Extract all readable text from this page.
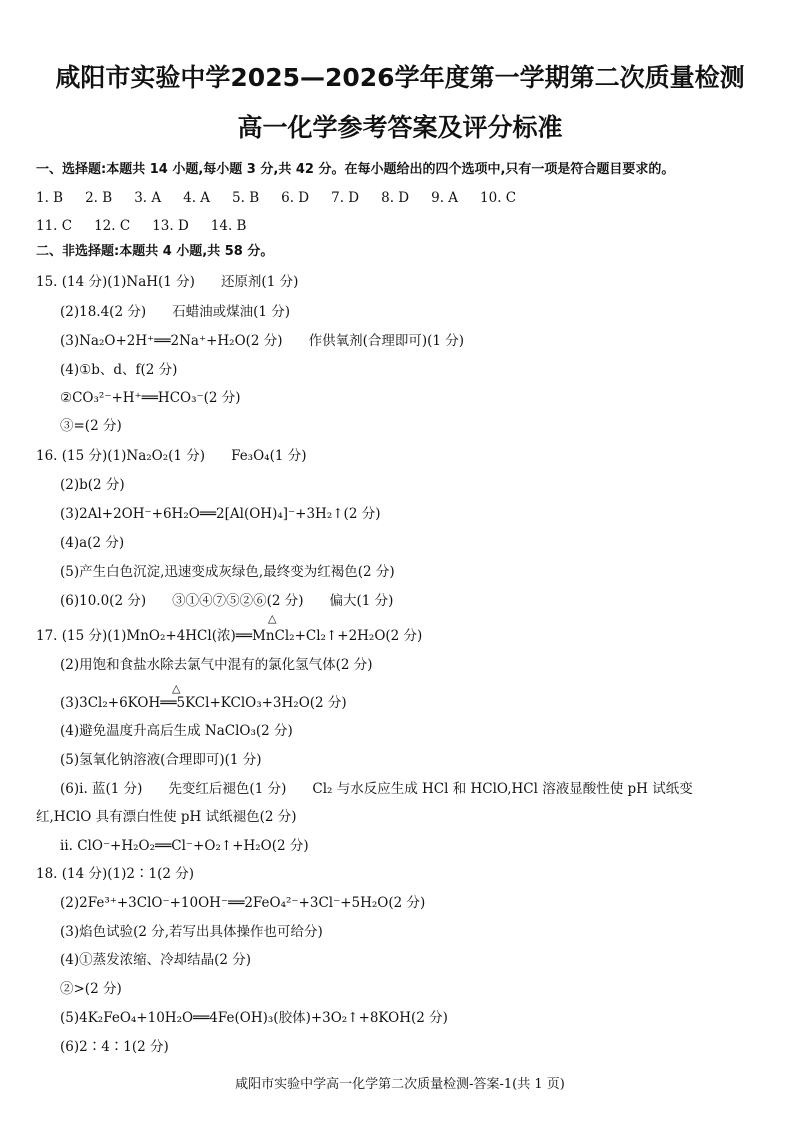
咸阳市实验中学2025—2026学年度第一学期第二次质量检测
高一化学参考答案及评分标准
一、选择题:本题共 14 小题,每小题 3 分,共 42 分。在每小题给出的四个选项中,只有一项是符合题目要求的。
1. B 2. B 3. A 4. A 5. B 6. D 7. D 8. D 9. A 10. C
11. C 12. C 13. D 14. B
二、非选择题:本题共 4 小题,共 58 分。
15. (14 分)(1)NaH(1 分) 还原剂(1 分)
(2)18.4(2 分) 石蜡油或煤油(1 分)
(3)Na₂O+2H⁺══2Na⁺+H₂O(2 分) 作供氧剂(合理即可)(1 分)
(4)①b、d、f(2 分)
②CO₃²⁻+H⁺══HCO₃⁻(2 分)
③=(2 分)
16. (15 分)(1)Na₂O₂(1 分) Fe₃O₄(1 分)
(2)b(2 分)
(3)2Al+2OH⁻+6H₂O══2[Al(OH)₄]⁻+3H₂↑(2 分)
(4)a(2 分)
(5)产生白色沉淀,迅速变成灰绿色,最终变为红褐色(2 分)
(6)10.0(2 分) ③①④⑦⑤②⑥(2 分) 偏大(1 分)
△
17. (15 分)(1)MnO₂+4HCl(浓)══MnCl₂+Cl₂↑+2H₂O(2 分)
(2)用饱和食盐水除去氯气中混有的氯化氢气体(2 分)
△
(3)3Cl₂+6KOH══5KCl+KClO₃+3H₂O(2 分)
(4)避免温度升高后生成 NaClO₃(2 分)
(5)氢氧化钠溶液(合理即可)(1 分)
(6)ⅰ. 蓝(1 分) 先变红后褪色(1 分) Cl₂ 与水反应生成 HCl 和 HClO,HCl 溶液显酸性使 pH 试纸变
红,HClO 具有漂白性使 pH 试纸褪色(2 分)
ⅱ. ClO⁻+H₂O₂══Cl⁻+O₂↑+H₂O(2 分)
18. (14 分)(1)2∶1(2 分)
(2)2Fe³⁺+3ClO⁻+10OH⁻══2FeO₄²⁻+3Cl⁻+5H₂O(2 分)
(3)焰色试验(2 分,若写出具体操作也可给分)
(4)①蒸发浓缩、冷却结晶(2 分)
②>(2 分)
(5)4K₂FeO₄+10H₂O══4Fe(OH)₃(胶体)+3O₂↑+8KOH(2 分)
(6)2∶4∶1(2 分)
咸阳市实验中学高一化学第二次质量检测-答案-1(共 1 页)
